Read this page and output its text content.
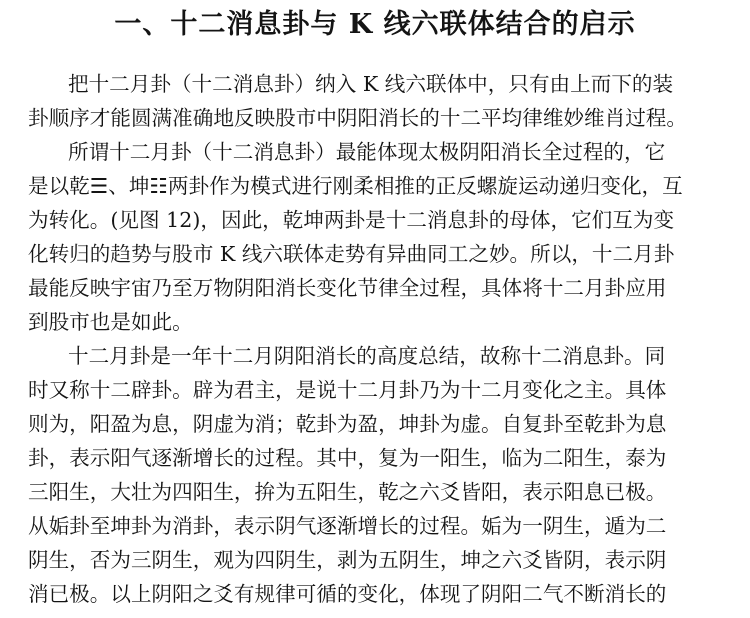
一、十二消息卦与 K 线六联体结合的启示
把十二月卦（十二消息卦）纳入 K 线六联体中，只有由上而下的装
卦顺序才能圆满准确地反映股市中阴阳消长的十二平均律维妙维肖过程。
所谓十二月卦（十二消息卦）最能体现太极阴阳消长全过程的，它
是以乾☰、坤☷两卦作为模式进行刚柔相推的正反螺旋运动递归变化，互
为转化。(见图 12)，因此，乾坤两卦是十二消息卦的母体，它们互为变
化转归的趋势与股市 K 线六联体走势有异曲同工之妙。所以，十二月卦
最能反映宇宙乃至万物阴阳消长变化节律全过程，具体将十二月卦应用
到股市也是如此。
十二月卦是一年十二月阴阳消长的高度总结，故称十二消息卦。同
时又称十二辟卦。辟为君主，是说十二月卦乃为十二月变化之主。具体
则为，阳盈为息，阴虚为消；乾卦为盈，坤卦为虚。自复卦至乾卦为息
卦，表示阳气逐渐增长的过程。其中，复为一阳生，临为二阳生，泰为
三阳生，大壮为四阳生，拚为五阳生，乾之六爻皆阳，表示阳息已极。
从姤卦至坤卦为消卦，表示阴气逐渐增长的过程。姤为一阴生，遁为二
阴生，否为三阴生，观为四阴生，剥为五阴生，坤之六爻皆阴，表示阴
消已极。以上阴阳之爻有规律可循的变化，体现了阴阳二气不断消长的
